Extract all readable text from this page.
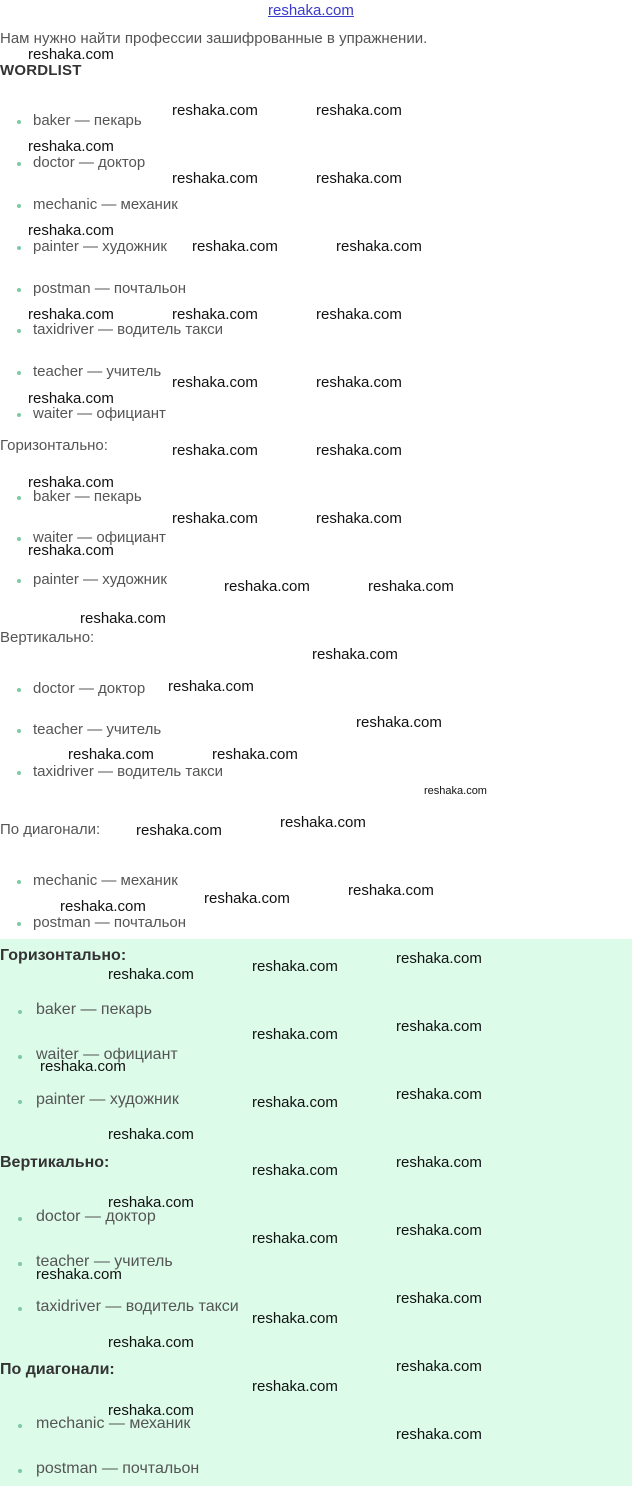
reshaka.com
Нам нужно найти профессии зашифрованные в упражнении.
WORDLIST
baker — пекарь
doctor — доктор
mechanic — механик
painter — художник
postman — почтальон
taxidriver — водитель такси
teacher — учитель
waiter — официант
Горизонтально:
baker — пекарь
waiter — официант
painter — художник
Вертикально:
doctor — доктор
teacher — учитель
taxidriver — водитель такси
По диагонали:
mechanic — механик
postman — почтальон
Горизонтально:
baker — пекарь
waiter — официант
painter — художник
Вертикально:
doctor — доктор
teacher — учитель
taxidriver — водитель такси
По диагонали:
mechanic — механик
postman — почтальон
reshaka.com
reshaka.com	reshaka.com
reshaka.com
reshaka.com	reshaka.com
reshaka.com
reshaka.com	reshaka.com
reshaka.com	reshaka.com	reshaka.com
reshaka.com	reshaka.com
reshaka.com
reshaka.com	reshaka.com
reshaka.com
reshaka.com	reshaka.com
reshaka.com
reshaka.com	reshaka.com
reshaka.com
reshaka.com
reshaka.com
reshaka.com
reshaka.com	reshaka.com
reshaka.com
reshaka.com
reshaka.com
reshaka.com
reshaka.com
reshaka.com
reshaka.com
reshaka.com
reshaka.com
reshaka.com
reshaka.com
reshaka.com
reshaka.com
reshaka.com
reshaka.com
reshaka.com
reshaka.com
reshaka.com
reshaka.com
reshaka.com
reshaka.com
reshaka.com
reshaka.com
reshaka.com
reshaka.com
reshaka.com
reshaka.com
reshaka.com
